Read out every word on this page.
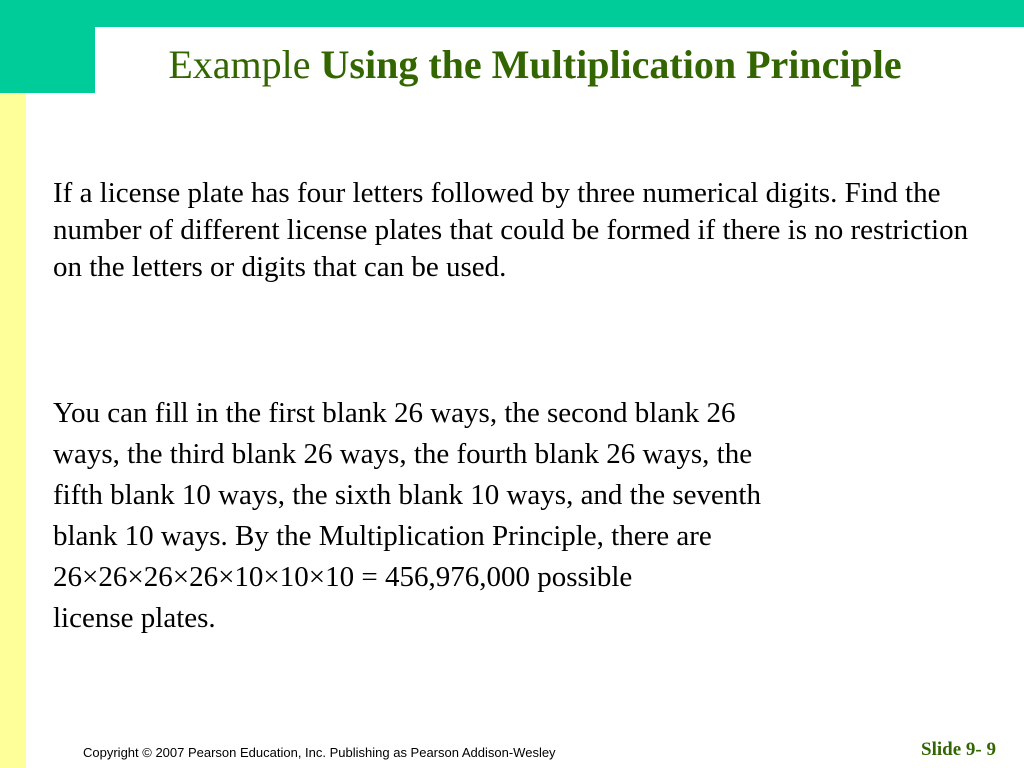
Example Using the Multiplication Principle
If a license plate has four letters followed by three numerical digits. Find the number of different license plates that could be formed if there is no restriction on the letters or digits that can be used.
You can fill in the first blank 26 ways, the second blank 26
ways, the third blank 26 ways, the fourth blank 26 ways, the
fifth blank 10 ways, the sixth blank 10 ways, and the seventh
blank 10 ways. By the Multiplication Principle, there are
26×26×26×26×10×10×10 = 456,976,000 possible
license plates.
Copyright © 2007 Pearson Education, Inc. Publishing as Pearson Addison-Wesley	Slide 9- 9
